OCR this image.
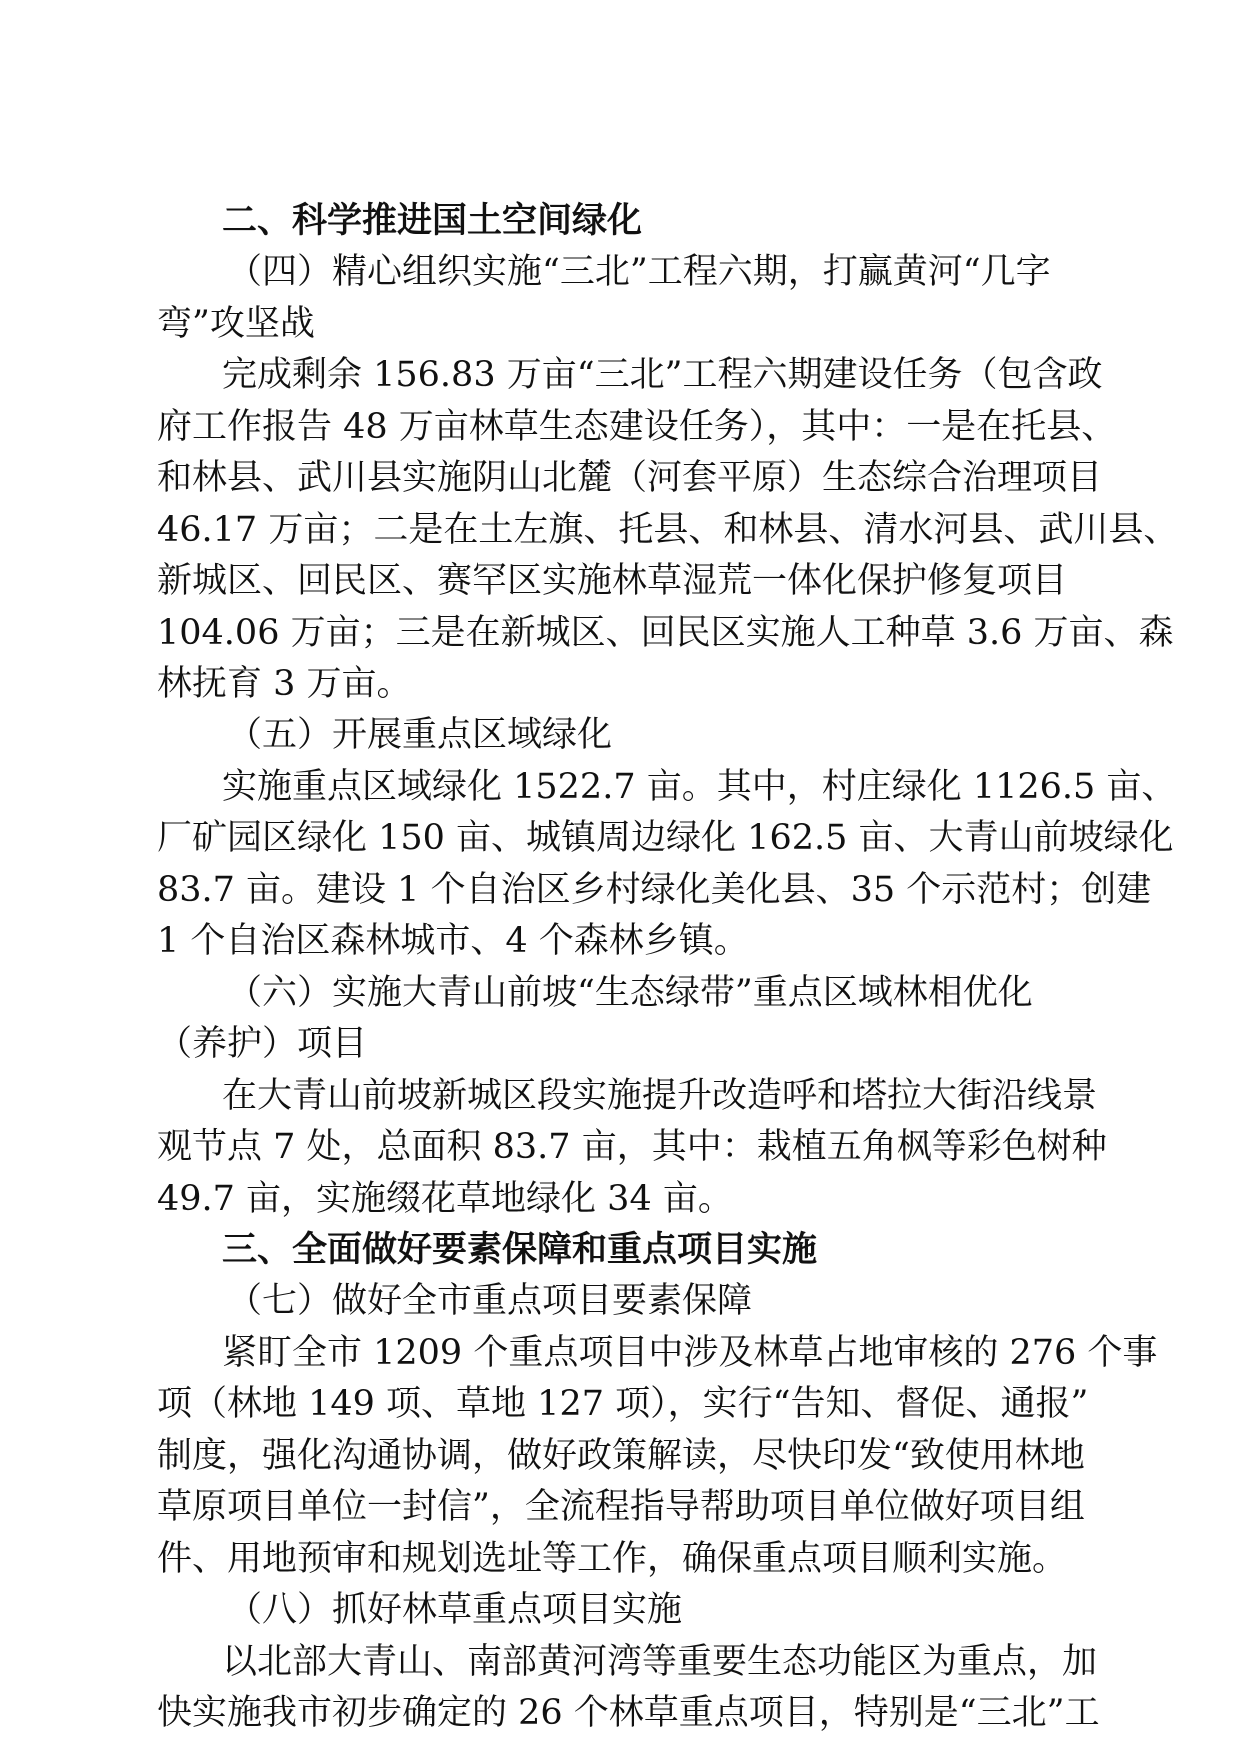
二、科学推进国土空间绿化
（四）精心组织实施“三北”工程六期，打赢黄河“几字
弯”攻坚战
完成剩余 156.83 万亩“三北”工程六期建设任务（包含政
府工作报告 48 万亩林草生态建设任务），其中：一是在托县、
和林县、武川县实施阴山北麓（河套平原）生态综合治理项目
46.17 万亩；二是在土左旗、托县、和林县、清水河县、武川县、
新城区、回民区、赛罕区实施林草湿荒一体化保护修复项目
104.06 万亩；三是在新城区、回民区实施人工种草 3.6 万亩、森
林抚育 3 万亩。
（五）开展重点区域绿化
实施重点区域绿化 1522.7 亩。其中，村庄绿化 1126.5 亩、
厂矿园区绿化 150 亩、城镇周边绿化 162.5 亩、大青山前坡绿化
83.7 亩。建设 1 个自治区乡村绿化美化县、35 个示范村；创建
1 个自治区森林城市、4 个森林乡镇。
（六）实施大青山前坡“生态绿带”重点区域林相优化
（养护）项目
在大青山前坡新城区段实施提升改造呼和塔拉大街沿线景
观节点 7 处，总面积 83.7 亩，其中：栽植五角枫等彩色树种
49.7 亩，实施缀花草地绿化 34 亩。
三、全面做好要素保障和重点项目实施
（七）做好全市重点项目要素保障
紧盯全市 1209 个重点项目中涉及林草占地审核的 276 个事
项（林地 149 项、草地 127 项），实行“告知、督促、通报”
制度，强化沟通协调，做好政策解读，尽快印发“致使用林地
草原项目单位一封信”，全流程指导帮助项目单位做好项目组
件、用地预审和规划选址等工作，确保重点项目顺利实施。
（八）抓好林草重点项目实施
以北部大青山、南部黄河湾等重要生态功能区为重点，加
快实施我市初步确定的 26 个林草重点项目，特别是“三北”工
